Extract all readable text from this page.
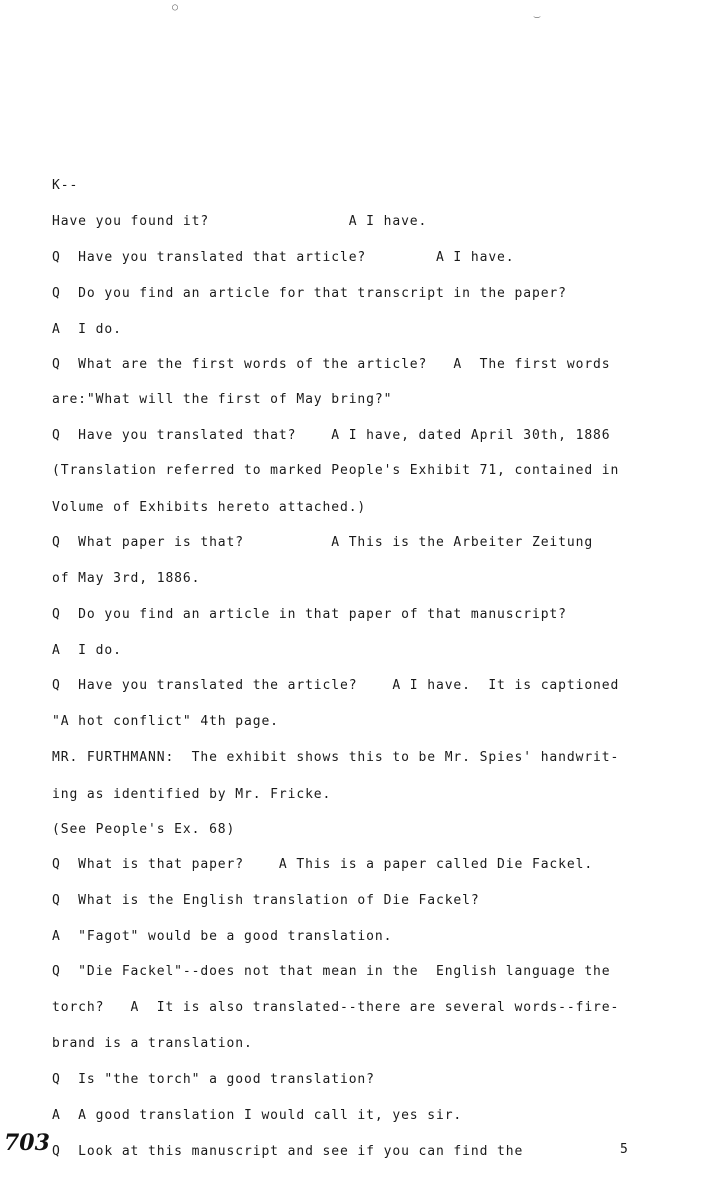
○
‿
K--
Have you found it?                A I have.
Q  Have you translated that article?        A I have.
Q  Do you find an article for that transcript in the paper?
A  I do.
Q  What are the first words of the article?   A  The first words
are:"What will the first of May bring?"
Q  Have you translated that?    A I have, dated April 30th, 1886
(Translation referred to marked People's Exhibit 71, contained in
Volume of Exhibits hereto attached.)
Q  What paper is that?          A This is the Arbeiter Zeitung
of May 3rd, 1886.
Q  Do you find an article in that paper of that manuscript?
A  I do.
Q  Have you translated the article?    A I have.  It is captioned
"A hot conflict" 4th page.
MR. FURTHMANN:  The exhibit shows this to be Mr. Spies' handwrit-
ing as identified by Mr. Fricke.
(See People's Ex. 68)
Q  What is that paper?    A This is a paper called Die Fackel.
Q  What is the English translation of Die Fackel?
A  "Fagot" would be a good translation.
Q  "Die Fackel"--does not that mean in the  English language the
torch?   A  It is also translated--there are several words--fire-
brand is a translation.
Q  Is "the torch" a good translation?
A  A good translation I would call it, yes sir.
Q  Look at this manuscript and see if you can find the
703	5
